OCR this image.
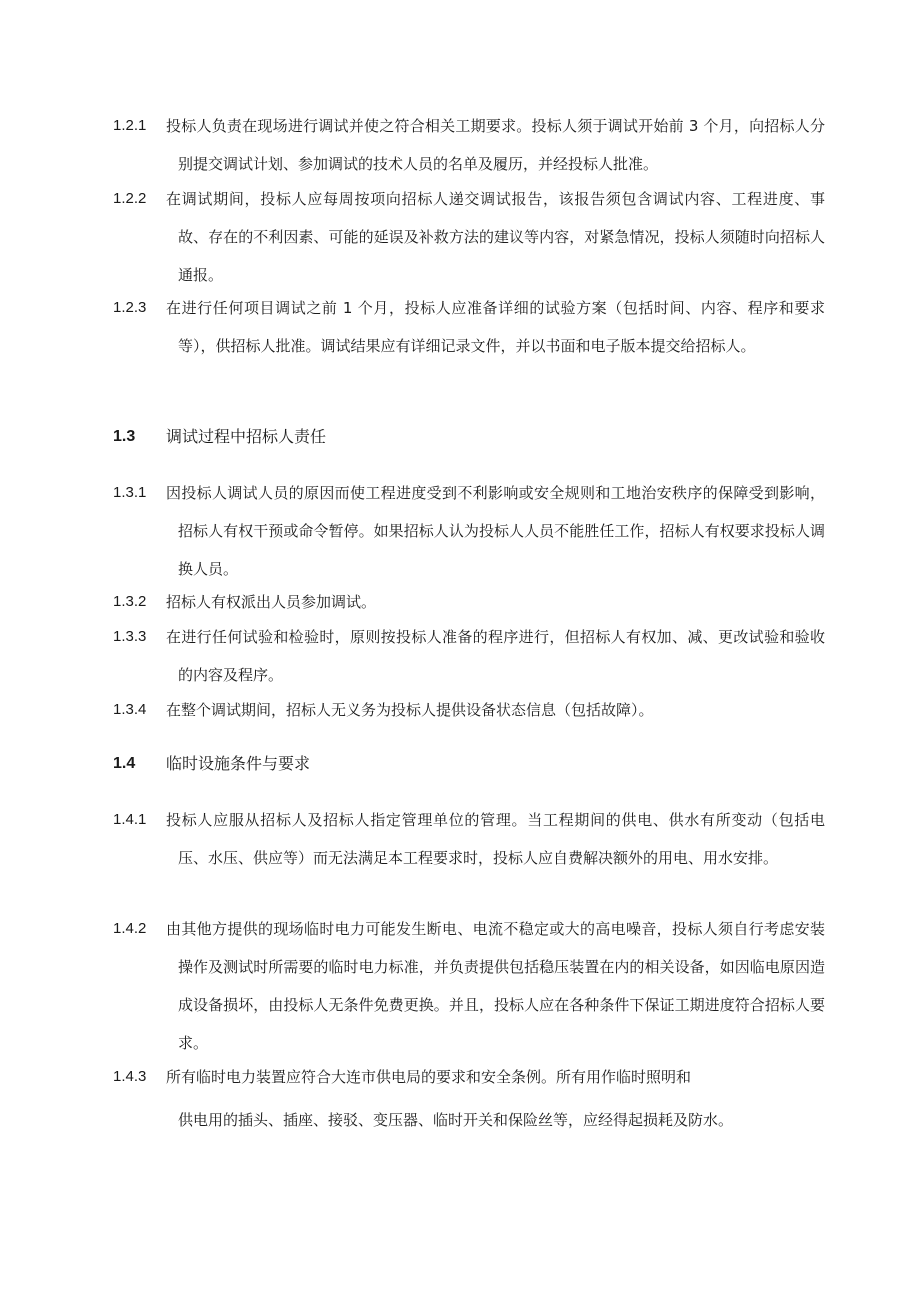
1.2.1 投标人负责在现场进行调试并使之符合相关工期要求。投标人须于调试开始前 3 个月，向招标人分别提交调试计划、参加调试的技术人员的名单及履历，并经投标人批准。
1.2.2 在调试期间，投标人应每周按项向招标人递交调试报告，该报告须包含调试内容、工程进度、事故、存在的不利因素、可能的延误及补救方法的建议等内容，对紧急情况，投标人须随时向招标人通报。
1.2.3 在进行任何项目调试之前 1 个月，投标人应准备详细的试验方案（包括时间、内容、程序和要求等），供招标人批准。调试结果应有详细记录文件，并以书面和电子版本提交给招标人。
1.3 调试过程中招标人责任
1.3.1 因投标人调试人员的原因而使工程进度受到不利影响或安全规则和工地治安秩序的保障受到影响，招标人有权干预或命令暂停。如果招标人认为投标人人员不能胜任工作，招标人有权要求投标人调换人员。
1.3.2 招标人有权派出人员参加调试。
1.3.3 在进行任何试验和检验时，原则按投标人准备的程序进行，但招标人有权加、减、更改试验和验收的内容及程序。
1.3.4 在整个调试期间，招标人无义务为投标人提供设备状态信息（包括故障）。
1.4 临时设施条件与要求
1.4.1 投标人应服从招标人及招标人指定管理单位的管理。当工程期间的供电、供水有所变动（包括电压、水压、供应等）而无法满足本工程要求时，投标人应自费解决额外的用电、用水安排。
1.4.2 由其他方提供的现场临时电力可能发生断电、电流不稳定或大的高电噪音，投标人须自行考虑安装操作及测试时所需要的临时电力标准，并负责提供包括稳压装置在内的相关设备，如因临电原因造成设备损坏，由投标人无条件免费更换。并且，投标人应在各种条件下保证工期进度符合招标人要求。
1.4.3 所有临时电力装置应符合大连市供电局的要求和安全条例。所有用作临时照明和
供电用的插头、插座、接驳、变压器、临时开关和保险丝等，应经得起损耗及防水。
